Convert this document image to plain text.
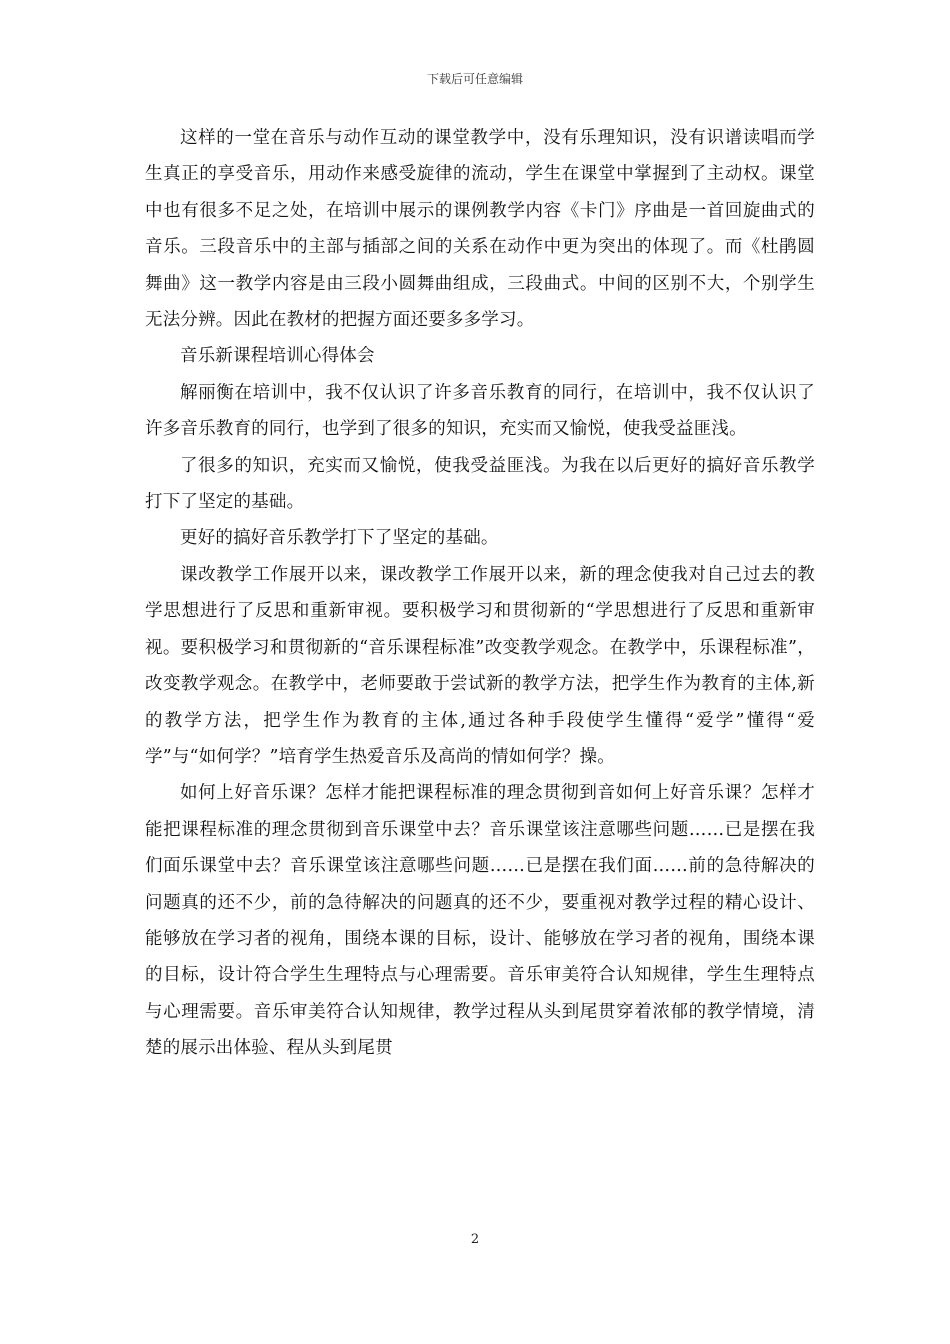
下载后可任意编辑

这样的一堂在音乐与动作互动的课堂教学中，没有乐理知识，没有识谱读唱而学生真正的享受音乐，用动作来感受旋律的流动，学生在课堂中掌握到了主动权。课堂中也有很多不足之处，在培训中展示的课例教学内容《卡门》序曲是一首回旋曲式的音乐。三段音乐中的主部与插部之间的关系在动作中更为突出的体现了。而《杜鹃圆舞曲》这一教学内容是由三段小圆舞曲组成，三段曲式。中间的区别不大，个别学生无法分辨。因此在教材的把握方面还要多多学习。

音乐新课程培训心得体会

解丽衡在培训中，我不仅认识了许多音乐教育的同行，在培训中，我不仅认识了许多音乐教育的同行，也学到了很多的知识，充实而又愉悦，使我受益匪浅。

了很多的知识，充实而又愉悦，使我受益匪浅。为我在以后更好的搞好音乐教学打下了坚定的基础。

更好的搞好音乐教学打下了坚定的基础。

课改教学工作展开以来，课改教学工作展开以来，新的理念使我对自己过去的教学思想进行了反思和重新审视。要积极学习和贯彻新的“学思想进行了反思和重新审视。要积极学习和贯彻新的“音乐课程标准”改变教学观念。在教学中，乐课程标准”，改变教学观念。在教学中，老师要敢于尝试新的教学方法，把学生作为教育的主体,新的教学方法，把学生作为教育的主体,通过各种手段使学生懂得“爱学”懂得“爱学”与“如何学？”培育学生热爱音乐及高尚的情如何学？操。

如何上好音乐课？怎样才能把课程标准的理念贯彻到音如何上好音乐课？怎样才能把课程标准的理念贯彻到音乐课堂中去？音乐课堂该注意哪些问题……已是摆在我们面乐课堂中去？音乐课堂该注意哪些问题……已是摆在我们面……前的急待解决的问题真的还不少，前的急待解决的问题真的还不少，要重视对教学过程的精心设计、能够放在学习者的视角，围绕本课的目标，设计、能够放在学习者的视角，围绕本课的目标，设计符合学生生理特点与心理需要。音乐审美符合认知规律，学生生理特点与心理需要。音乐审美符合认知规律，教学过程从头到尾贯穿着浓郁的教学情境，清楚的展示出体验、程从头到尾贯

2
